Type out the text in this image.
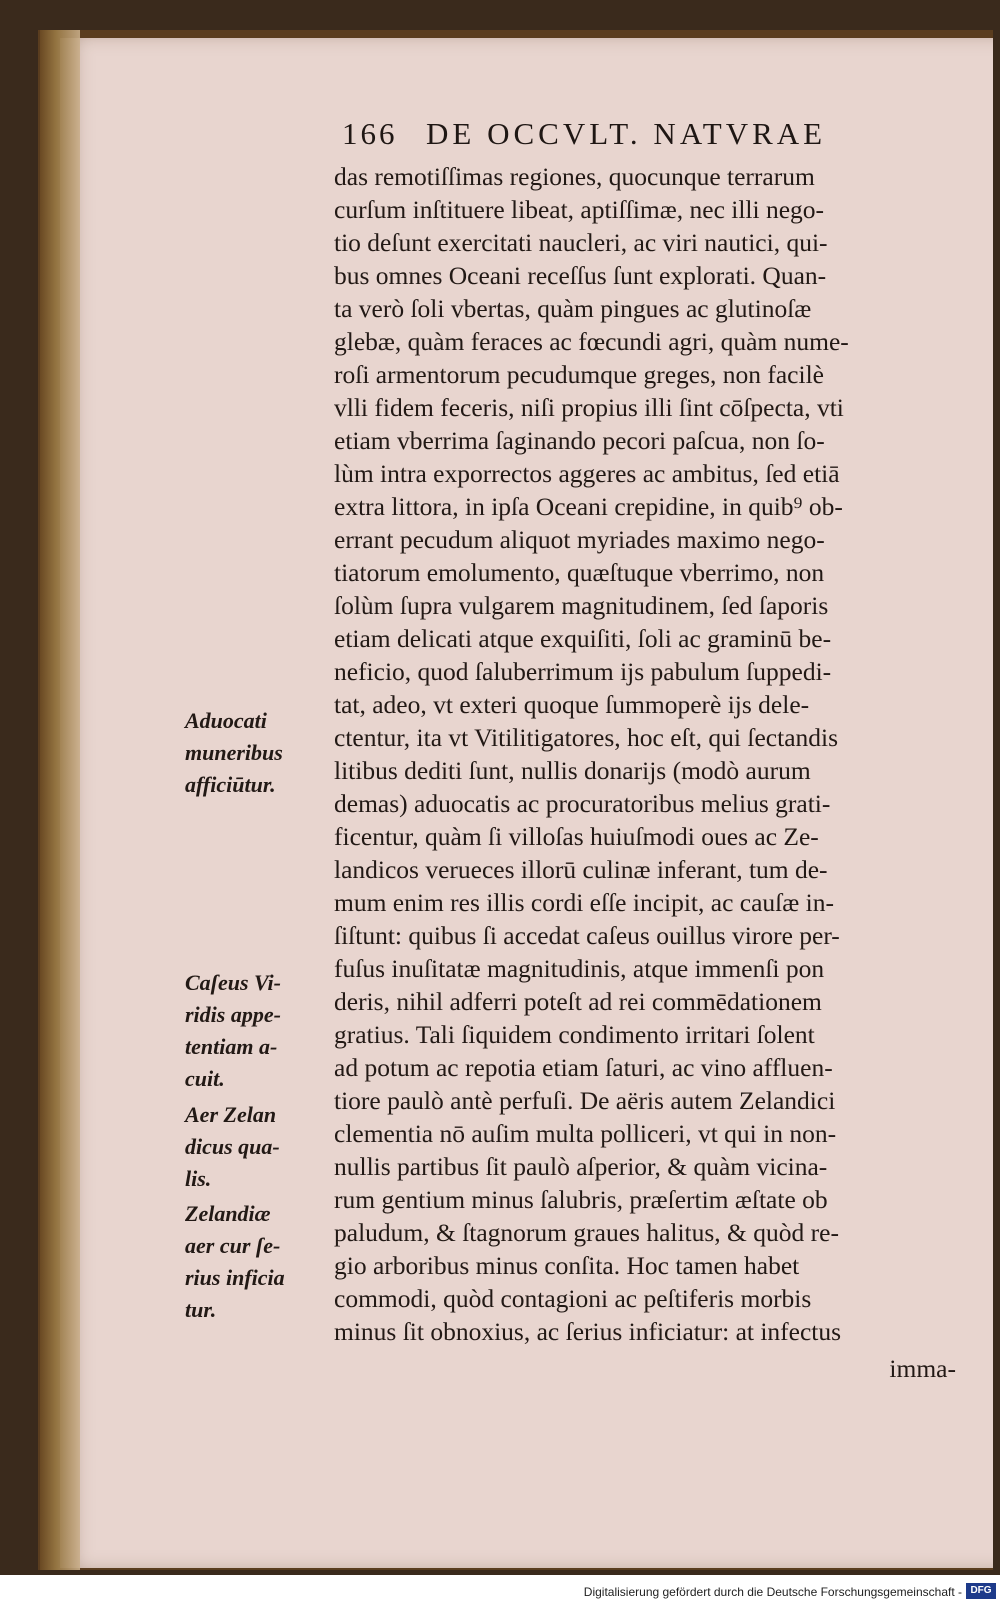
166 DE OCCVLT. NATVRAE
Aduocati
muneribus
afficiūtur.
Caſeus Vi-
ridis appe-
tentiam a-
cuit.
Aer Zelan
dicus qua-
lis.
Zelandiæ
aer cur ſe-
rius inficia
tur.
das remotiſſimas regiones, quocunque terrarum
curſum inſtituere libeat, aptiſſimæ, nec illi nego-
tio deſunt exercitati naucleri, ac viri nautici, qui-
bus omnes Oceani receſſus ſunt explorati. Quan-
ta verò ſoli vbertas, quàm pingues ac glutinoſæ
glebæ, quàm feraces ac fœcundi agri, quàm nume-
roſi armentorum pecudumque greges, non facilè
vlli fidem feceris, niſi propius illi ſint cōſpecta, vti
etiam vberrima ſaginando pecori paſcua, non ſo-
lùm intra exporrectos aggeres ac ambitus, ſed etiā
extra littora, in ipſa Oceani crepidine, in quib⁹ ob-
errant pecudum aliquot myriades maximo nego-
tiatorum emolumento, quæſtuque vberrimo, non
ſolùm ſupra vulgarem magnitudinem, ſed ſaporis
etiam delicati atque exquiſiti, ſoli ac graminū be-
neficio, quod ſaluberrimum ijs pabulum ſuppedi-
tat, adeo, vt exteri quoque ſummoperè ijs dele-
ctentur, ita vt Vitilitigatores, hoc eſt, qui ſectandis
litibus dediti ſunt, nullis donarijs (modò aurum
demas) aduocatis ac procuratoribus melius grati-
ficentur, quàm ſi villoſas huiuſmodi oues ac Ze-
landicos verueces illorū culinæ inferant, tum de-
mum enim res illis cordi eſſe incipit, ac cauſæ in-
ſiſtunt: quibus ſi accedat caſeus ouillus virore per-
fuſus inuſitatæ magnitudinis, atque immenſi pon
deris, nihil adferri poteſt ad rei commēdationem
gratius. Tali ſiquidem condimento irritari ſolent
ad potum ac repotia etiam ſaturi, ac vino affluen-
tiore paulò antè perfuſi. De aëris autem Zelandici
clementia nō auſim multa polliceri, vt qui in non-
nullis partibus ſit paulò aſperior, & quàm vicina-
rum gentium minus ſalubris, præſertim æſtate ob
paludum, & ſtagnorum graues halitus, & quòd re-
gio arboribus minus conſita. Hoc tamen habet
commodi, quòd contagioni ac peſtiferis morbis
minus ſit obnoxius, ac ſerius inficiatur: at infectus
imma-
Digitalisierung gefördert durch die Deutsche Forschungsgemeinschaft - DFG
